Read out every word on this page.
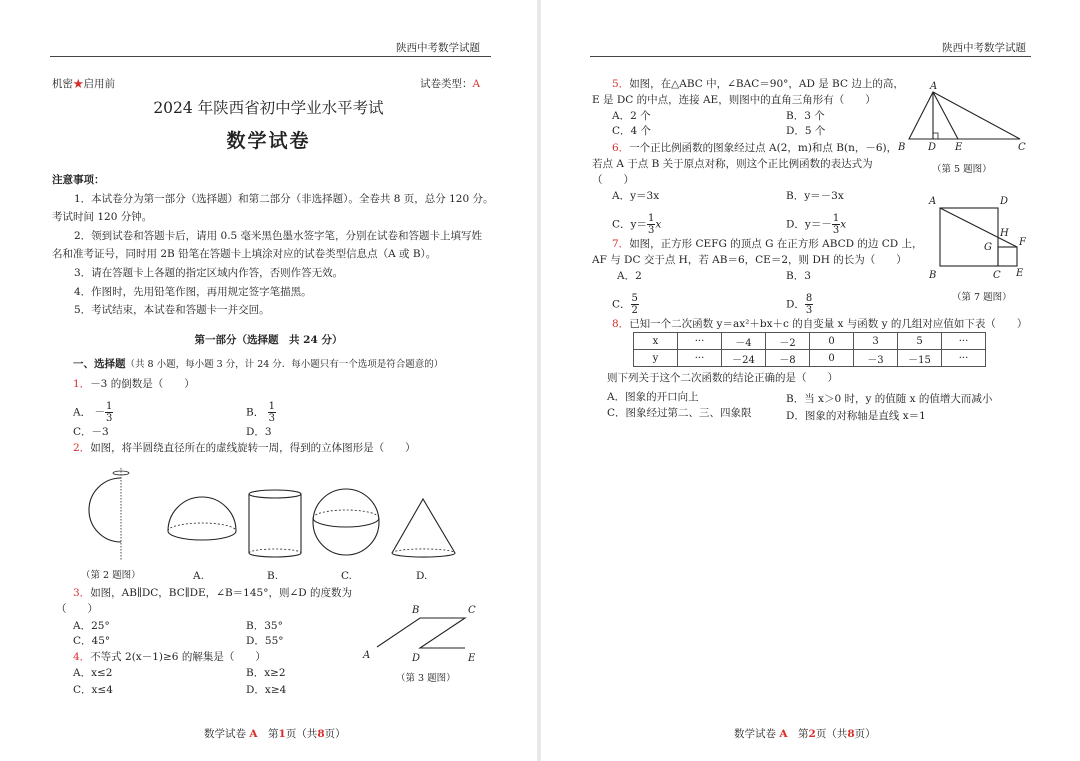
陕西中考数学试题
机密★启用前	试卷类型：A
2024 年陕西省初中学业水平考试
数学试卷
注意事项：
1．本试卷分为第一部分（选择题）和第二部分（非选择题）。全卷共 8 页，总分 120 分。
考试时间 120 分钟。
2．领到试卷和答题卡后，请用 0.5 毫米黑色墨水签字笔，分别在试卷和答题卡上填写姓
名和准考证号，同时用 2B 铅笔在答题卡上填涂对应的试卷类型信息点（A 或 B）。
3．请在答题卡上各题的指定区域内作答，否则作答无效。
4．作图时，先用铅笔作图，再用规定签字笔描黑。
5．考试结束，本试卷和答题卡一并交回。
第一部分（选择题　共 24 分）
一、选择题（共 8 小题，每小题 3 分，计 24 分．每小题只有一个选项是符合题意的）
1．－3 的倒数是（　　）
A． － $\frac{1}{3}$	B． $\frac{1}{3}$
C．－3	D．3
2．如图，将半圆绕直径所在的虚线旋转一周，得到的立体图形是（　　）
A
B	C
D	E
（第 2 题图）	A.	B.	C.	D.
3．如图，AB∥DC，BC∥DE，∠B＝145°，则∠D 的度数为
（　　）
A．25°	B．35°
C．45°	D．55°
（第 3 题图）
4．不等式 2(x－1)≥6 的解集是（　　）
A．x≤2	B．x≥2
C．x≤4	D．x≥4
数学试卷 A　 第1页（共8页）
陕西中考数学试题
5．如图，在△ABC 中，∠BAC＝90°，AD 是 BC 边上的高，
E 是 DC 的中点，连接 AE，则图中的直角三角形有（　　）
A．2 个	B．3 个
C．4 个	D．5 个
6．一个正比例函数的图象经过点 A(2，m)和点 B(n，－6)，
若点 A 于点 B 关于原点对称，则这个正比例函数的表达式为
（　　）
A．y＝3x	B．y＝－3x
C．$y= \frac{1}{3}$ x	D．$y=- \frac{1}{3}$ x
7．如图，正方形 CEFG 的顶点 G 在正方形 ABCD 的边 CD 上，
AF 与 DC 交于点 H，若 AB＝6，CE＝2，则 DH 的长为（　　）
A．2	B．3
C． $\frac{5}{2}$	D． $\frac{8}{3}$
8．已知一个二次函数 y＝ax²＋bx＋c 的自变量 x 与函数 y 的几组对应值如下表（　　）
x	···	－4	－2	0	3	5	···
y	···	－24	－8	0	－3	－15	···
则下列关于这个二次函数的结论正确的是（　　）
A．图象的开口向上	B．当 x＞0 时，y 的值随 x 的值增大而减小
C．图象经过第二、三、四象限	D．图象的对称轴是直线 x＝1
A
B D E	C
A	D
H
G	F
B	C E
（第 5 题图）
（第 7 题图）
数学试卷 A　 第2页（共8页）
